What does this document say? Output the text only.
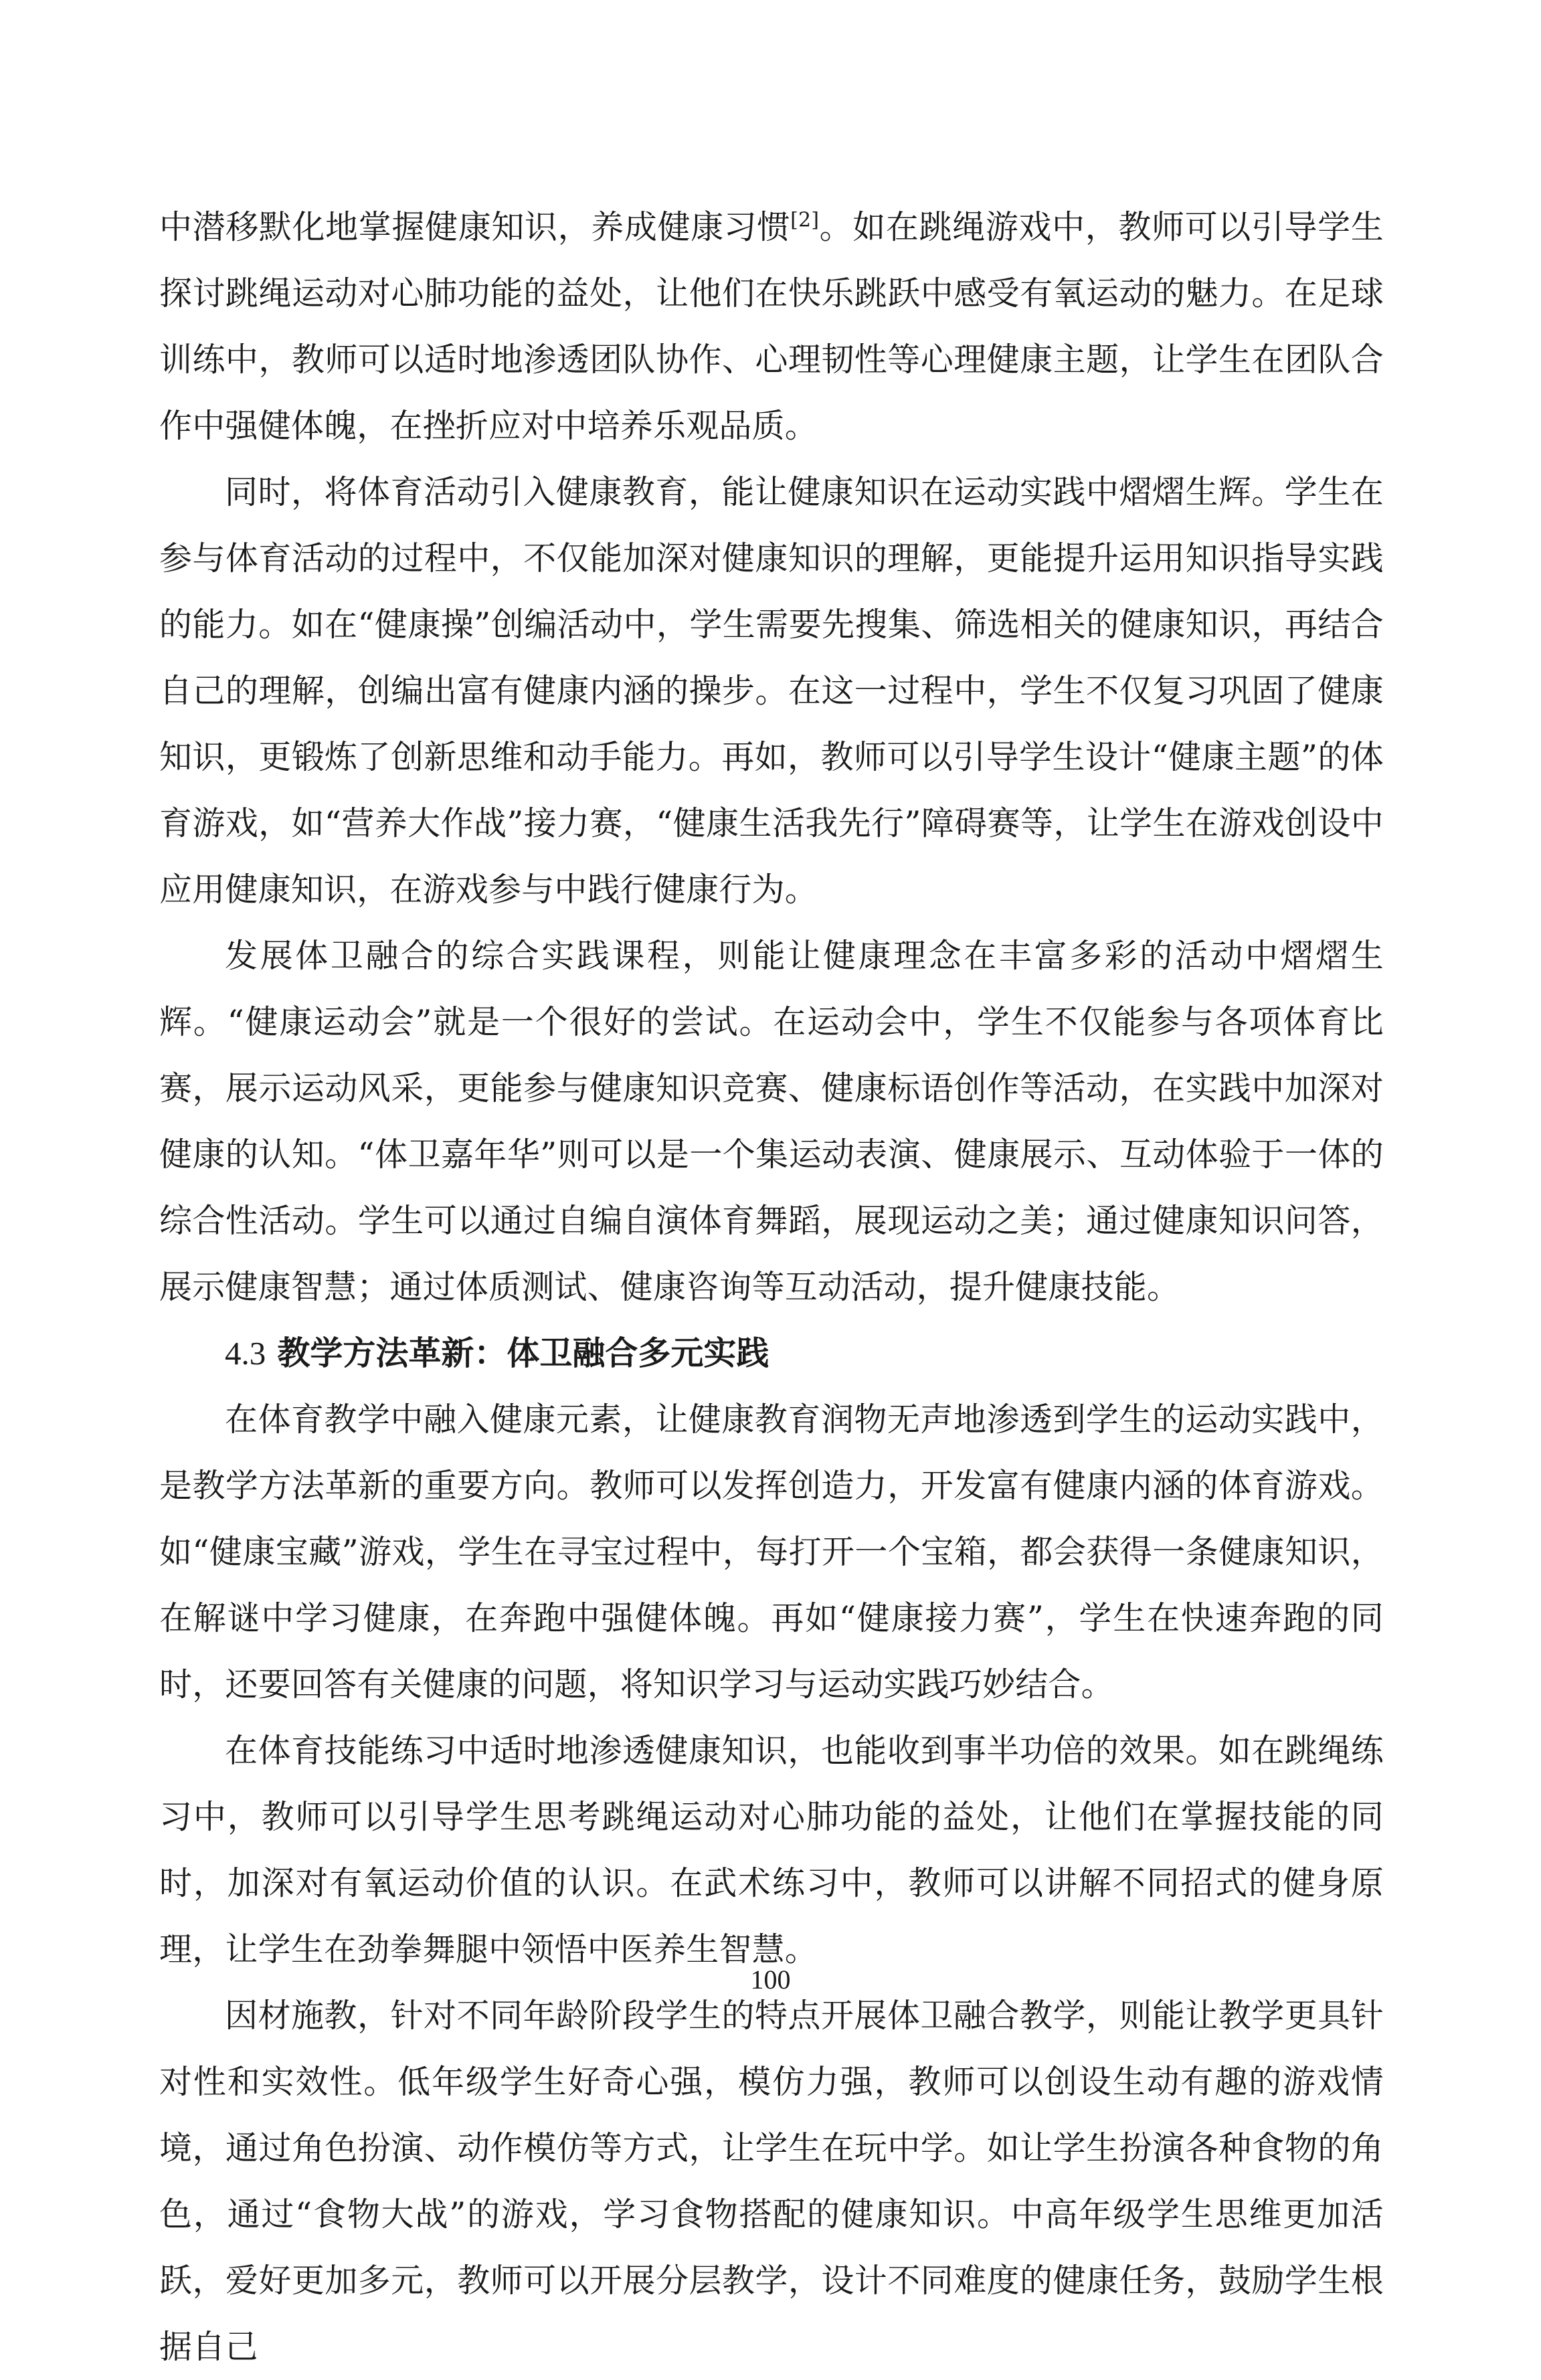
中潜移默化地掌握健康知识，养成健康习惯[2]。如在跳绳游戏中，教师可以引导学生探讨跳绳运动对心肺功能的益处，让他们在快乐跳跃中感受有氧运动的魅力。在足球训练中，教师可以适时地渗透团队协作、心理韧性等心理健康主题，让学生在团队合作中强健体魄，在挫折应对中培养乐观品质。

同时，将体育活动引入健康教育，能让健康知识在运动实践中熠熠生辉。学生在参与体育活动的过程中，不仅能加深对健康知识的理解，更能提升运用知识指导实践的能力。如在“健康操”创编活动中，学生需要先搜集、筛选相关的健康知识，再结合自己的理解，创编出富有健康内涵的操步。在这一过程中，学生不仅复习巩固了健康知识，更锻炼了创新思维和动手能力。再如，教师可以引导学生设计“健康主题”的体育游戏，如“营养大作战”接力赛，“健康生活我先行”障碍赛等，让学生在游戏创设中应用健康知识，在游戏参与中践行健康行为。

发展体卫融合的综合实践课程，则能让健康理念在丰富多彩的活动中熠熠生辉。“健康运动会”就是一个很好的尝试。在运动会中，学生不仅能参与各项体育比赛，展示运动风采，更能参与健康知识竞赛、健康标语创作等活动，在实践中加深对健康的认知。“体卫嘉年华”则可以是一个集运动表演、健康展示、互动体验于一体的综合性活动。学生可以通过自编自演体育舞蹈，展现运动之美；通过健康知识问答，展示健康智慧；通过体质测试、健康咨询等互动活动，提升健康技能。

4.3 教学方法革新：体卫融合多元实践

在体育教学中融入健康元素，让健康教育润物无声地渗透到学生的运动实践中，是教学方法革新的重要方向。教师可以发挥创造力，开发富有健康内涵的体育游戏。如“健康宝藏”游戏，学生在寻宝过程中，每打开一个宝箱，都会获得一条健康知识，在解谜中学习健康，在奔跑中强健体魄。再如“健康接力赛”，学生在快速奔跑的同时，还要回答有关健康的问题，将知识学习与运动实践巧妙结合。

在体育技能练习中适时地渗透健康知识，也能收到事半功倍的效果。如在跳绳练习中，教师可以引导学生思考跳绳运动对心肺功能的益处，让他们在掌握技能的同时，加深对有氧运动价值的认识。在武术练习中，教师可以讲解不同招式的健身原理，让学生在劲拳舞腿中领悟中医养生智慧。

因材施教，针对不同年龄阶段学生的特点开展体卫融合教学，则能让教学更具针对性和实效性。低年级学生好奇心强，模仿力强，教师可以创设生动有趣的游戏情境，通过角色扮演、动作模仿等方式，让学生在玩中学。如让学生扮演各种食物的角色，通过“食物大战”的游戏，学习食物搭配的健康知识。中高年级学生思维更加活跃，爱好更加多元，教师可以开展分层教学，设计不同难度的健康任务，鼓励学生根据自己

100
